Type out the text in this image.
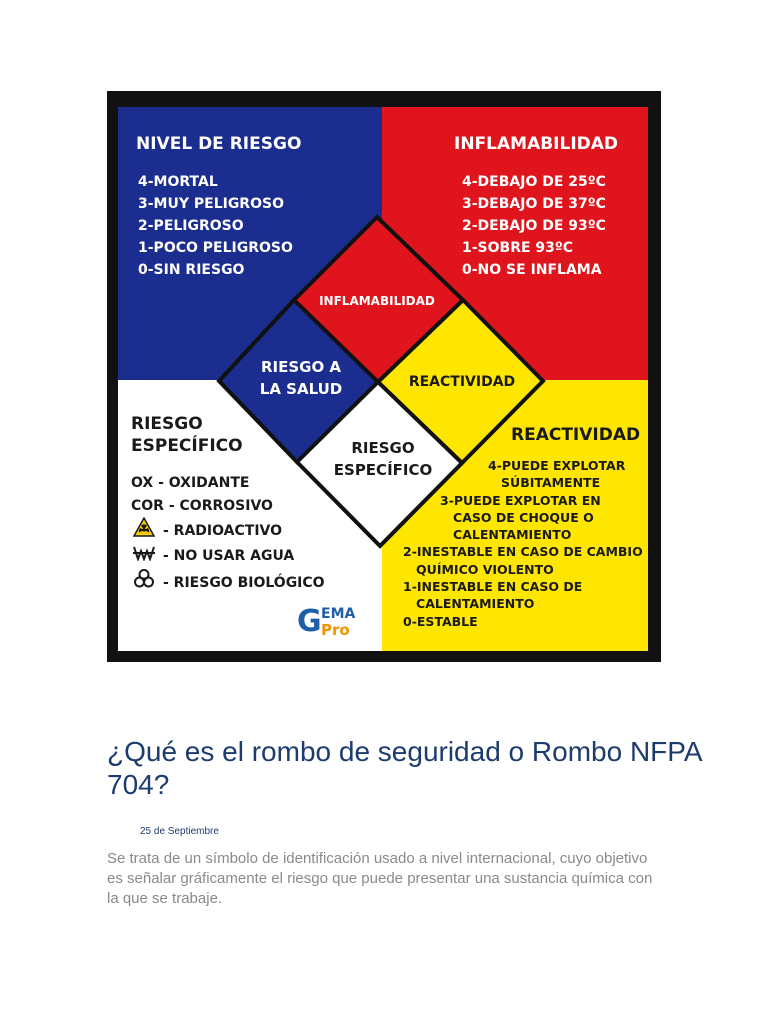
NIVEL DE RIESGO
4-MORTAL
3-MUY PELIGROSO
2-PELIGROSO
1-POCO PELIGROSO
0-SIN RIESGO
INFLAMABILIDAD
4-DEBAJO DE 25ºC
3-DEBAJO DE 37ºC
2-DEBAJO DE 93ºC
1-SOBRE 93ºC
0-NO SE INFLAMA
RIESGO
ESPECÍFICO
OX - OXIDANTE
COR - CORROSIVO
- RADIOACTIVO
- NO USAR AGUA
- RIESGO BIOLÓGICO
REACTIVIDAD
4-PUEDE EXPLOTAR
SÚBITAMENTE
3-PUEDE EXPLOTAR EN
CASO DE CHOQUE O
CALENTAMIENTO
2-INESTABLE EN CASO DE CAMBIO
QUÍMICO VIOLENTO
1-INESTABLE EN CASO DE
CALENTAMIENTO
0-ESTABLE
INFLAMABILIDAD
RIESGO A
LA SALUD	REACTIVIDAD
RIESGO
ESPECÍFICO
G EMA
Pro
¿Qué es el rombo de seguridad o Rombo NFPA 704?
25 de Septiembre

Se trata de un símbolo de identificación usado a nivel internacional, cuyo objetivo es señalar gráficamente el riesgo que puede presentar una sustancia química con la que se trabaje.
